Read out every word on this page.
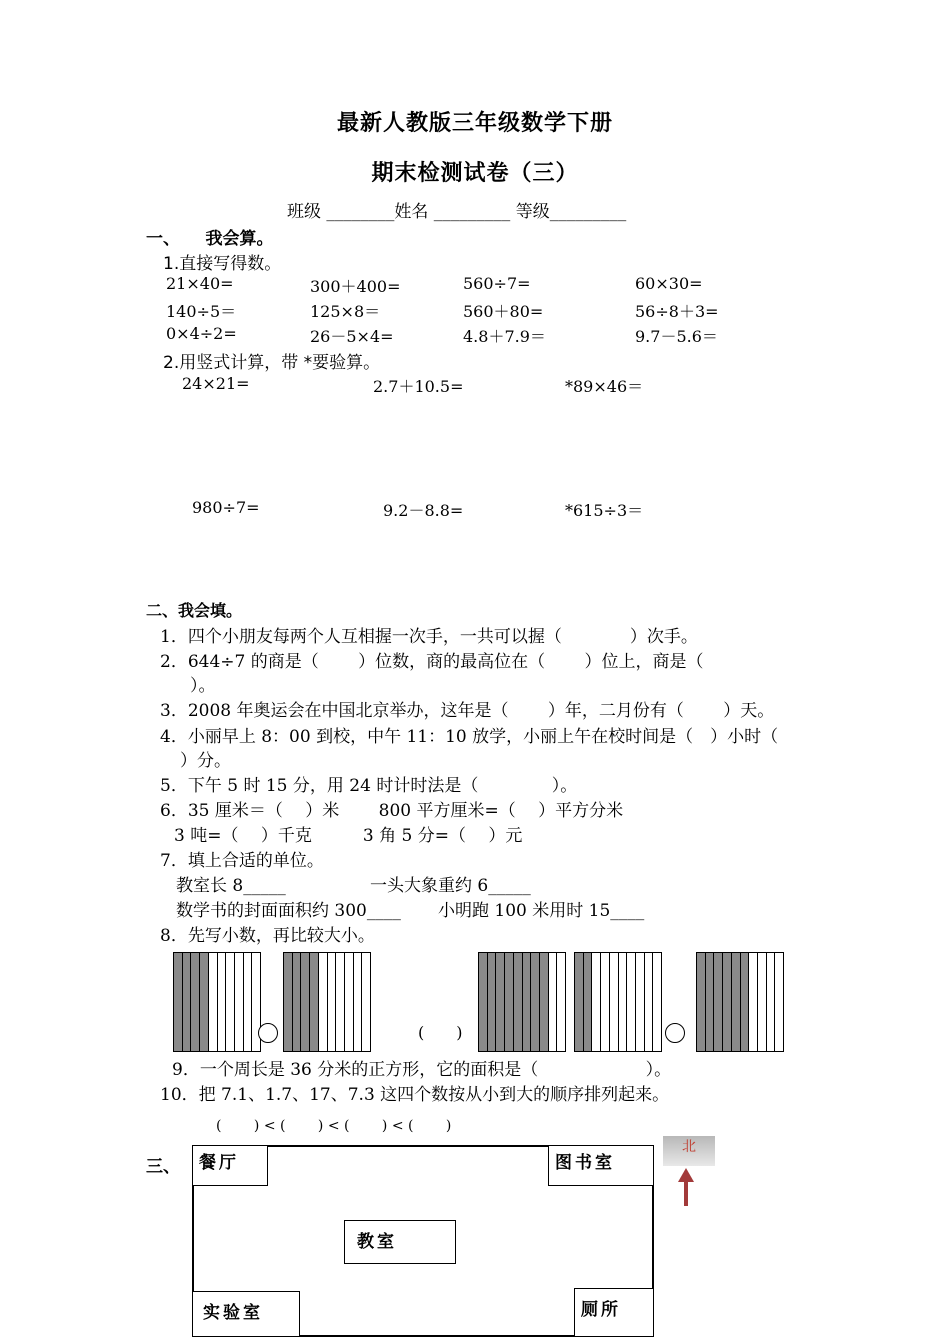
最新人教版三年级数学下册
期末检测试卷（三）
班级 ________姓名 _________ 等级_________
一、　　我会算。
1.直接写得数。
21×40=	300＋400=	560÷7=	60×30=
140÷5＝	125×8＝	560＋80=	56÷8＋3=
0×4÷2=	26－5×4=	4.8＋7.9＝	9.7－5.6＝
2.用竖式计算，带 *要验算。
24×21=	2.7＋10.5=	*89×46＝
980÷7=	9.2－8.8=	*615÷3＝
二、我会填。
1．四个小朋友每两个人互相握一次手，一共可以握（　　　　）次手。
2．644÷7 的商是（　　 ）位数，商的最高位在（　　 ）位上，商是（
）。
3．2008 年奥运会在中国北京举办，这年是（　　 ）年，二月份有（　　 ）天。
4．小丽早上 8：00 到校，中午 11：10 放学，小丽上午在校时间是（　）小时（
）分。
5．下午 5 时 15 分，用 24 时计时法是（　　　　 ）。
6．35 厘米＝（　 ）米　　 800 平方厘米=（　 ）平方分米
3 吨=（　 ）千克　　　3 角 5 分=（　 ）元
7．填上合适的单位。
教室长 8_____	一头大象重约 6_____
数学书的封面面积约 300____ 小明跑 100 米用时 15____
8．先写小数，再比较大小。
(　　)
9．一个周长是 36 分米的正方形，它的面积是（　　　　　　 ）。
10．把 7.1、1.7、17、7.3 这四个数按从小到大的顺序排列起来。
(　　 ) < (　　 ) < (　　 ) < (　　 )
三、 餐厅	图书室
教室
实验室	厕所
北
